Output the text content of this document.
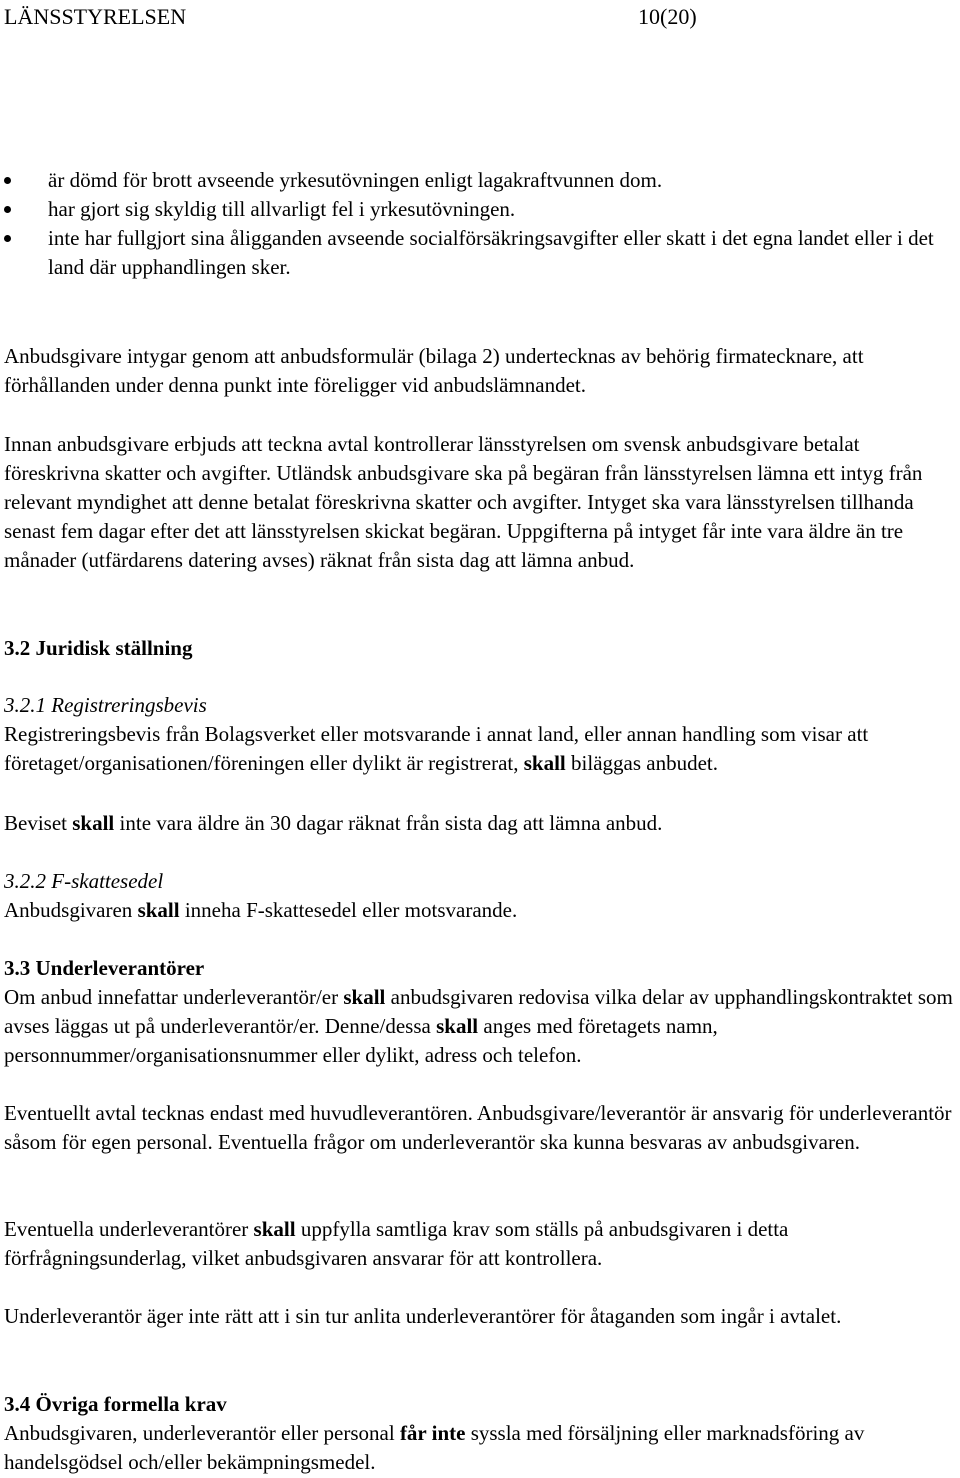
LÄNSSTYRELSEN	10(20)
är dömd för brott avseende yrkesutövningen enligt lagakraftvunnen dom.
har gjort sig skyldig till allvarligt fel i yrkesutövningen.
inte har fullgjort sina åligganden avseende socialförsäkringsavgifter eller skatt i det egna landet eller i det land där upphandlingen sker.

Anbudsgivare intygar genom att anbudsformulär (bilaga 2) undertecknas av behörig firmatecknare, att förhållanden under denna punkt inte föreligger vid anbudslämnandet.

Innan anbudsgivare erbjuds att teckna avtal kontrollerar länsstyrelsen om svensk anbudsgivare betalat föreskrivna skatter och avgifter. Utländsk anbudsgivare ska på begäran från länsstyrelsen lämna ett intyg från relevant myndighet att denne betalat föreskrivna skatter och avgifter. Intyget ska vara länsstyrelsen tillhanda senast fem dagar efter det att länsstyrelsen skickat begäran. Uppgifterna på intyget får inte vara äldre än tre månader (utfärdarens datering avses) räknat från sista dag att lämna anbud.

3.2 Juridisk ställning
3.2.1 Registreringsbevis

Registreringsbevis från Bolagsverket eller motsvarande i annat land, eller annan handling som visar att företaget/organisationen/föreningen eller dylikt är registrerat, skall biläggas anbudet.

Beviset skall inte vara äldre än 30 dagar räknat från sista dag att lämna anbud.

3.2.2 F-skattesedel

Anbudsgivaren skall inneha F-skattesedel eller motsvarande.

3.3 Underleverantörer

Om anbud innefattar underleverantör/er skall anbudsgivaren redovisa vilka delar av upphandlingskontraktet som avses läggas ut på underleverantör/er. Denne/dessa skall anges med företagets namn, personnummer/organisationsnummer eller dylikt, adress och telefon.

Eventuellt avtal tecknas endast med huvudleverantören. Anbudsgivare/leverantör är ansvarig för underleverantör såsom för egen personal. Eventuella frågor om underleverantör ska kunna besvaras av anbudsgivaren.

Eventuella underleverantörer skall uppfylla samtliga krav som ställs på anbudsgivaren i detta förfrågningsunderlag, vilket anbudsgivaren ansvarar för att kontrollera.

Underleverantör äger inte rätt att i sin tur anlita underleverantörer för åtaganden som ingår i avtalet.

3.4 Övriga formella krav

Anbudsgivaren, underleverantör eller personal får inte syssla med försäljning eller marknadsföring av handelsgödsel och/eller bekämpningsmedel.
